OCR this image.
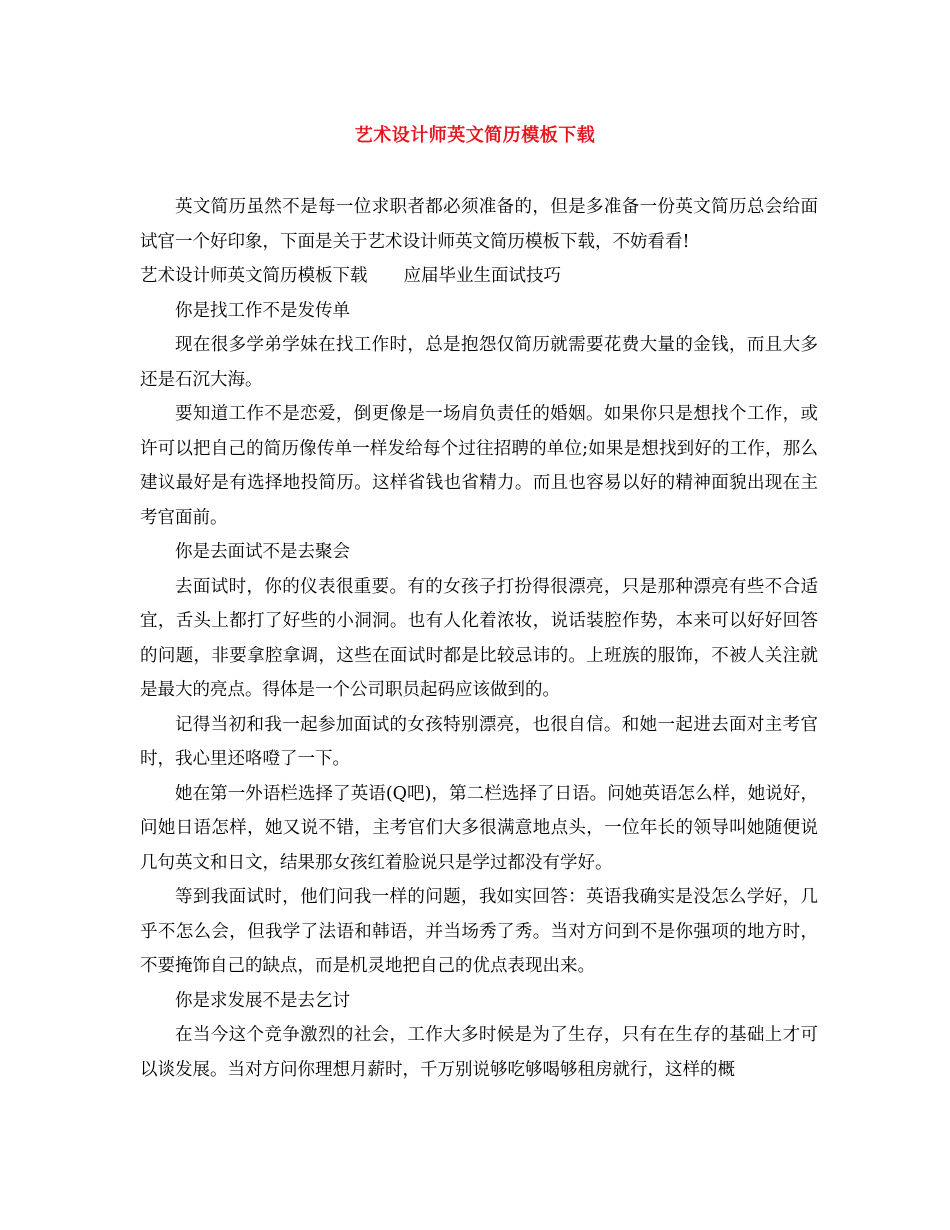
艺术设计师英文简历模板下载

英文简历虽然不是每一位求职者都必须准备的，但是多准备一份英文简历总会给面试官一个好印象，下面是关于艺术设计师英文简历模板下载，不妨看看!

艺术设计师英文简历模板下载 应届毕业生面试技巧

你是找工作不是发传单

现在很多学弟学妹在找工作时，总是抱怨仅简历就需要花费大量的金钱，而且大多还是石沉大海。

要知道工作不是恋爱，倒更像是一场肩负责任的婚姻。如果你只是想找个工作，或许可以把自己的简历像传单一样发给每个过往招聘的单位;如果是想找到好的工作，那么建议最好是有选择地投简历。这样省钱也省精力。而且也容易以好的精神面貌出现在主考官面前。

你是去面试不是去聚会

去面试时，你的仪表很重要。有的女孩子打扮得很漂亮，只是那种漂亮有些不合适宜，舌头上都打了好些的小洞洞。也有人化着浓妆，说话装腔作势，本来可以好好回答的问题，非要拿腔拿调，这些在面试时都是比较忌讳的。上班族的服饰，不被人关注就是最大的亮点。得体是一个公司职员起码应该做到的。

记得当初和我一起参加面试的女孩特别漂亮，也很自信。和她一起进去面对主考官时，我心里还咯噔了一下。

她在第一外语栏选择了英语(Q吧)，第二栏选择了日语。问她英语怎么样，她说好，问她日语怎样，她又说不错，主考官们大多很满意地点头，一位年长的领导叫她随便说几句英文和日文，结果那女孩红着脸说只是学过都没有学好。

等到我面试时，他们问我一样的问题，我如实回答：英语我确实是没怎么学好，几乎不怎么会，但我学了法语和韩语，并当场秀了秀。当对方问到不是你强项的地方时，不要掩饰自己的缺点，而是机灵地把自己的优点表现出来。

你是求发展不是去乞讨

在当今这个竞争激烈的社会，工作大多时候是为了生存，只有在生存的基础上才可以谈发展。当对方问你理想月薪时，千万别说够吃够喝够租房就行，这样的概
